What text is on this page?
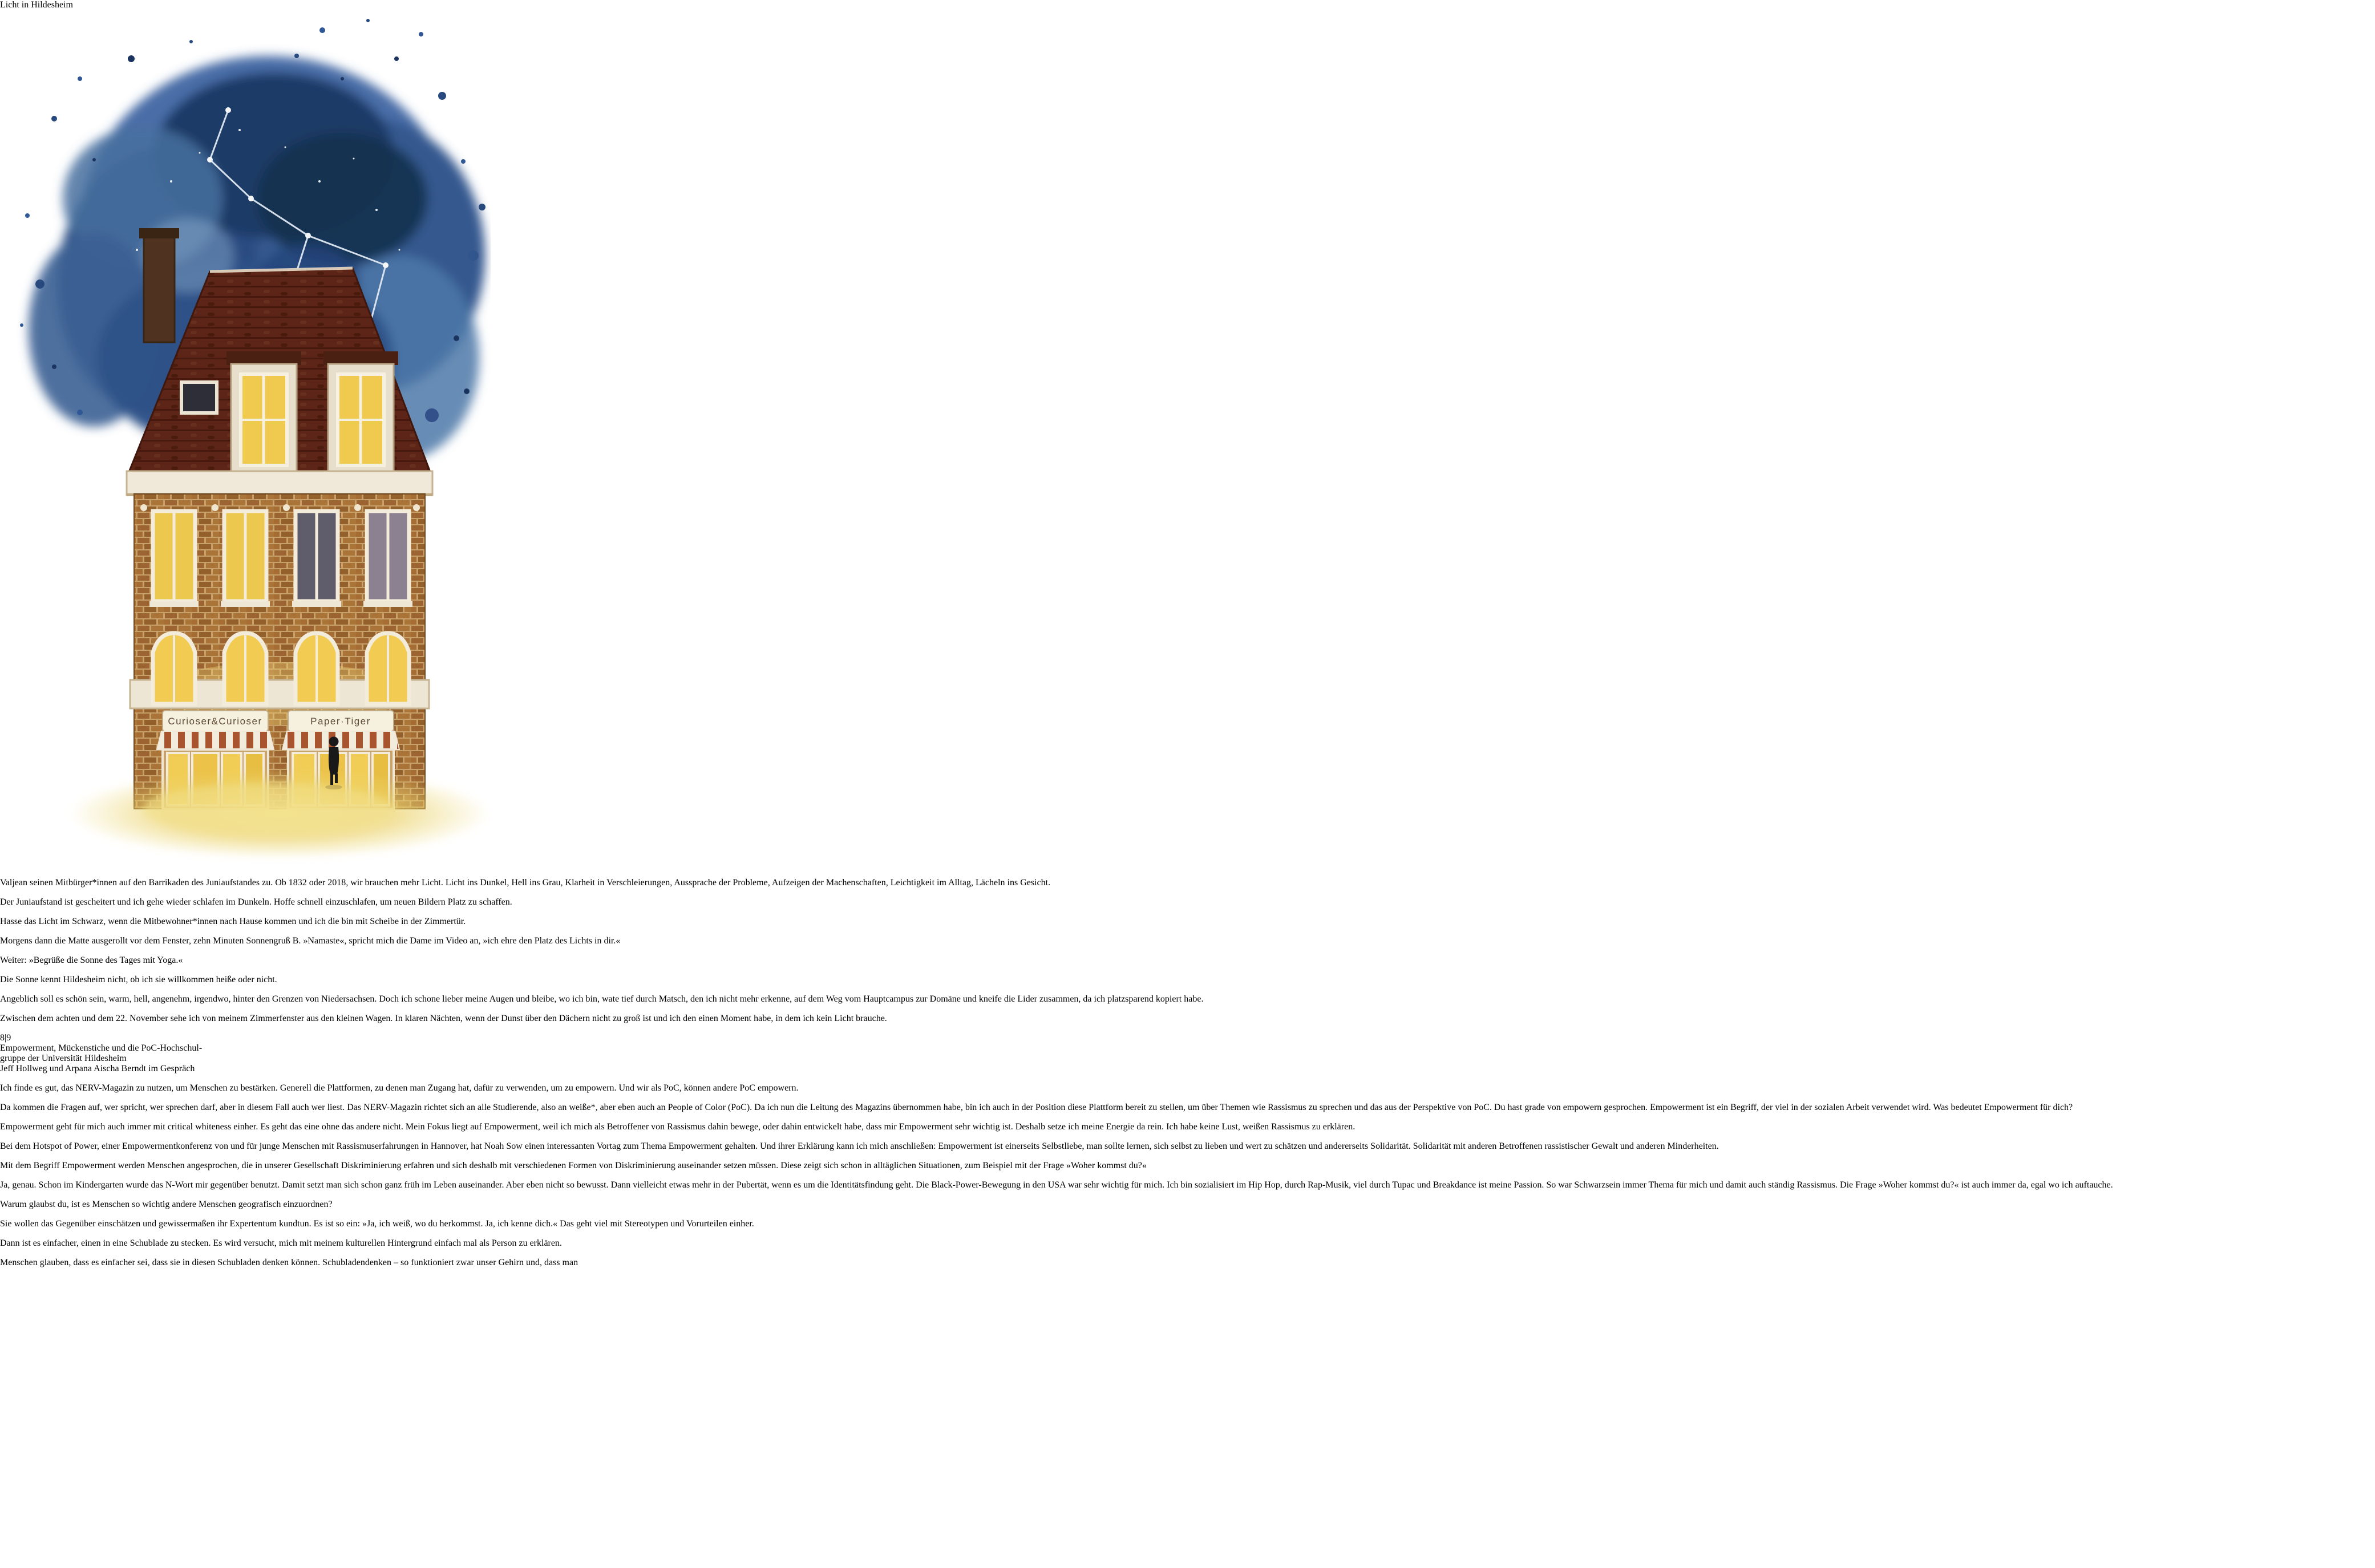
Licht in Hildesheim
Curioser&Curioser	Paper·Tiger

Valjean seinen Mitbürger*innen auf den Barrikaden des Juniaufstandes zu. Ob 1832 oder 2018, wir brauchen mehr Licht. Licht ins Dunkel, Hell ins Grau, Klarheit in Verschleierungen, Aussprache der Probleme, Aufzeigen der Machenschaften, Leichtigkeit im Alltag, Lächeln ins Gesicht.

Der Juniaufstand ist gescheitert und ich gehe wieder schlafen im Dunkeln. Hoffe schnell einzuschlafen, um neuen Bildern Platz zu schaffen.

Hasse das Licht im Schwarz, wenn die Mitbewohner*innen nach Hause kommen und ich die bin mit Scheibe in der Zimmertür.

Morgens dann die Matte ausgerollt vor dem Fenster, zehn Minuten Sonnengruß B. »Namaste«, spricht mich die Dame im Video an, »ich ehre den Platz des Lichts in dir.«

Weiter: »Begrüße die Sonne des Tages mit Yoga.«

Die Sonne kennt Hildesheim nicht, ob ich sie willkommen heiße oder nicht.

Angeblich soll es schön sein, warm, hell, angenehm, irgendwo, hinter den Grenzen von Niedersachsen. Doch ich schone lieber meine Augen und bleibe, wo ich bin, wate tief durch Matsch, den ich nicht mehr erkenne, auf dem Weg vom Hauptcampus zur Domäne und kneife die Lider zusammen, da ich platzsparend kopiert habe.

Zwischen dem achten und dem 22. November sehe ich von meinem Zimmerfenster aus den kleinen Wagen. In klaren Nächten, wenn der Dunst über den Dächern nicht zu groß ist und ich den einen Moment habe, in dem ich kein Licht brauche.

8|9
Empowerment, Mückenstiche und die PoC-Hochschul-
gruppe der Universität Hildesheim
Jeff Hollweg und Arpana Aischa Berndt im Gespräch

Ich finde es gut, das NERV-Magazin zu nutzen, um Menschen zu bestärken. Generell die Plattformen, zu denen man Zugang hat, dafür zu verwenden, um zu empowern. Und wir als PoC, können andere PoC empowern.

Da kommen die Fragen auf, wer spricht, wer sprechen darf, aber in diesem Fall auch wer liest. Das NERV-Magazin richtet sich an alle Studierende, also an weiße*, aber eben auch an People of Color (PoC). Da ich nun die Leitung des Magazins übernommen habe, bin ich auch in der Position diese Plattform bereit zu stellen, um über Themen wie Rassismus zu sprechen und das aus der Perspektive von PoC. Du hast grade von empowern gesprochen. Empowerment ist ein Begriff, der viel in der sozialen Arbeit verwendet wird. Was bedeutet Empowerment für dich?

Empowerment geht für mich auch immer mit critical whiteness einher. Es geht das eine ohne das andere nicht. Mein Fokus liegt auf Empowerment, weil ich mich als Betroffener von Rassismus dahin bewege, oder dahin entwickelt habe, dass mir Empowerment sehr wichtig ist. Deshalb setze ich meine Energie da rein. Ich habe keine Lust, weißen Rassismus zu erklären.

Bei dem Hotspot of Power, einer Empowermentkonferenz von und für junge Menschen mit Rassismuserfahrungen in Hannover, hat Noah Sow einen interessanten Vortag zum Thema Empowerment gehalten. Und ihrer Erklärung kann ich mich anschließen: Empowerment ist einerseits Selbstliebe, man sollte lernen, sich selbst zu lieben und wert zu schätzen und andererseits Solidarität. Solidarität mit anderen Betroffenen rassistischer Gewalt und anderen Minderheiten.

Mit dem Begriff Empowerment werden Menschen angesprochen, die in unserer Gesellschaft Diskriminierung erfahren und sich deshalb mit verschiedenen Formen von Diskriminierung auseinander setzen müssen. Diese zeigt sich schon in alltäglichen Situationen, zum Beispiel mit der Frage »Woher kommst du?«

Ja, genau. Schon im Kindergarten wurde das N-Wort mir gegenüber benutzt. Damit setzt man sich schon ganz früh im Leben auseinander. Aber eben nicht so bewusst. Dann vielleicht etwas mehr in der Pubertät, wenn es um die Identitätsfindung geht. Die Black-Power-Bewegung in den USA war sehr wichtig für mich. Ich bin sozialisiert im Hip Hop, durch Rap-Musik, viel durch Tupac und Breakdance ist meine Passion. So war Schwarzsein immer Thema für mich und damit auch ständig Rassismus. Die Frage »Woher kommst du?« ist auch immer da, egal wo ich auftauche.

Warum glaubst du, ist es Menschen so wichtig andere Menschen geografisch einzuordnen?

Sie wollen das Gegenüber einschätzen und gewissermaßen ihr Expertentum kundtun. Es ist so ein: »Ja, ich weiß, wo du herkommst. Ja, ich kenne dich.« Das geht viel mit Stereotypen und Vorurteilen einher.

Dann ist es einfacher, einen in eine Schublade zu stecken. Es wird versucht, mich mit meinem kulturellen Hintergrund einfach mal als Person zu erklären.

Menschen glauben, dass es einfacher sei, dass sie in diesen Schubladen denken können. Schubladendenken – so funktioniert zwar unser Gehirn und, dass man
